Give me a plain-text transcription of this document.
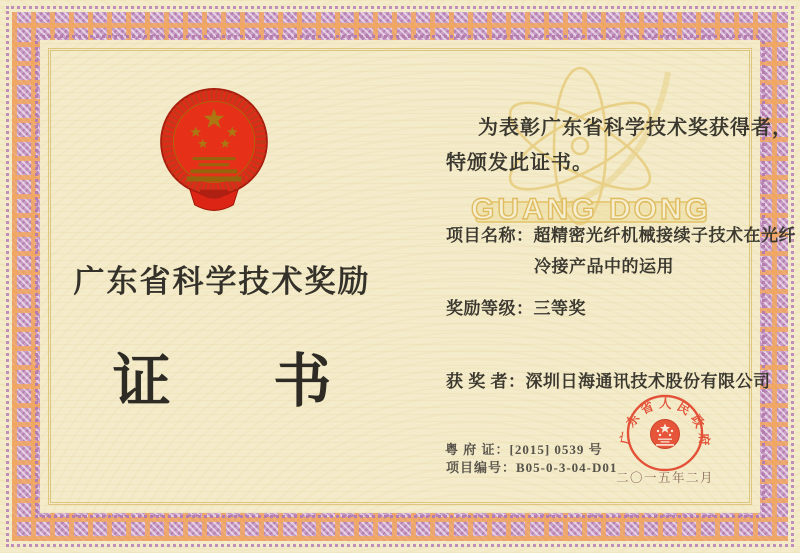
GUANG DONG
广东省科学技术奖励
证 书
为表彰广东省科学技术奖获得者，
特颁发此证书。
项目名称：超精密光纤机械接续子技术在光纤
冷接产品中的运用
奖励等级：三等奖
获 奖 者：深圳日海通讯技术股份有限公司
粤 府 证：[2015] 0539 号
项目编号：B05-0-3-04-D01
广东省人民政府
二〇一五年二月
